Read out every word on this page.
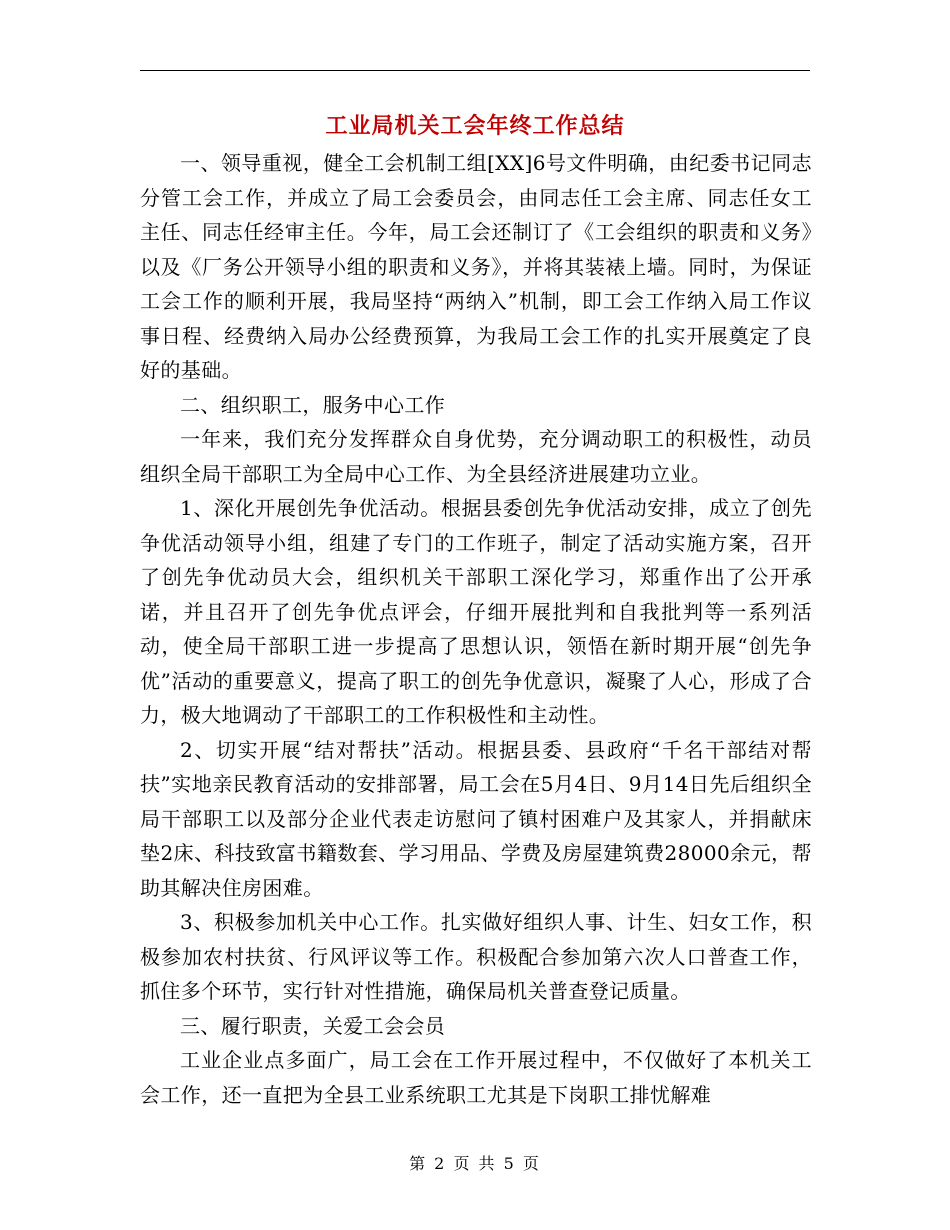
工业局机关工会年终工作总结

一、领导重视，健全工会机制工组[XX]6号文件明确，由纪委书记同志分管工会工作，并成立了局工会委员会，由同志任工会主席、同志任女工主任、同志任经审主任。今年，局工会还制订了《工会组织的职责和义务》以及《厂务公开领导小组的职责和义务》，并将其装裱上墙。同时，为保证工会工作的顺利开展，我局坚持“两纳入”机制，即工会工作纳入局工作议事日程、经费纳入局办公经费预算，为我局工会工作的扎实开展奠定了良好的基础。

二、组织职工，服务中心工作

一年来，我们充分发挥群众自身优势，充分调动职工的积极性，动员组织全局干部职工为全局中心工作、为全县经济进展建功立业。

1、深化开展创先争优活动。根据县委创先争优活动安排，成立了创先争优活动领导小组，组建了专门的工作班子，制定了活动实施方案，召开了创先争优动员大会，组织机关干部职工深化学习，郑重作出了公开承诺，并且召开了创先争优点评会，仔细开展批判和自我批判等一系列活动，使全局干部职工进一步提高了思想认识，领悟在新时期开展“创先争优”活动的重要意义，提高了职工的创先争优意识，凝聚了人心，形成了合力，极大地调动了干部职工的工作积极性和主动性。

2、切实开展“结对帮扶”活动。根据县委、县政府“千名干部结对帮扶”实地亲民教育活动的安排部署，局工会在5月4日、9月14日先后组织全局干部职工以及部分企业代表走访慰问了镇村困难户及其家人，并捐献床垫2床、科技致富书籍数套、学习用品、学费及房屋建筑费28000余元，帮助其解决住房困难。

3、积极参加机关中心工作。扎实做好组织人事、计生、妇女工作，积极参加农村扶贫、行风评议等工作。积极配合参加第六次人口普查工作，抓住多个环节，实行针对性措施，确保局机关普查登记质量。

三、履行职责，关爱工会会员

工业企业点多面广，局工会在工作开展过程中，不仅做好了本机关工会工作，还一直把为全县工业系统职工尤其是下岗职工排忧解难

第 2 页 共 5 页
